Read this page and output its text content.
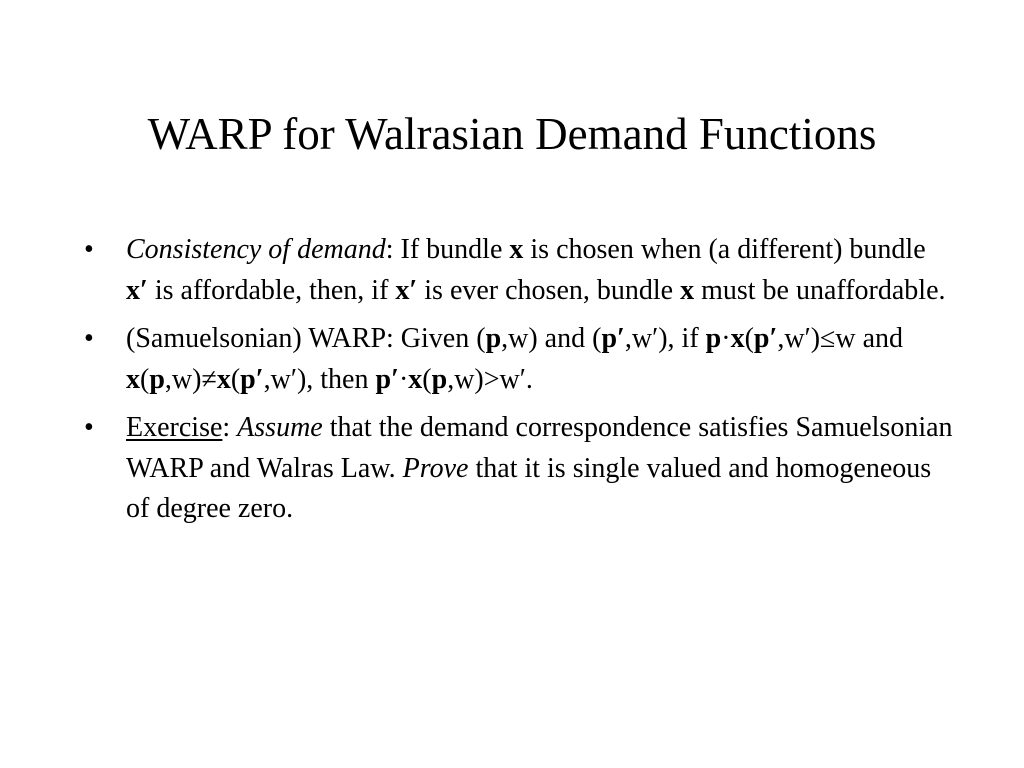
WARP for Walrasian Demand Functions
•	Consistency of demand: If bundle x is chosen when (a different) bundle x′ is affordable, then, if x′ is ever chosen, bundle x must be unaffordable.
•	(Samuelsonian) WARP: Given (p,w) and (p′,w′), if p·x(p′,w′)≤w and x(p,w)≠x(p′,w′), then p′·x(p,w)>w′.
•	Exercise: Assume that the demand correspondence satisfies Samuelsonian WARP and Walras Law. Prove that it is single valued and homogeneous of degree zero.
